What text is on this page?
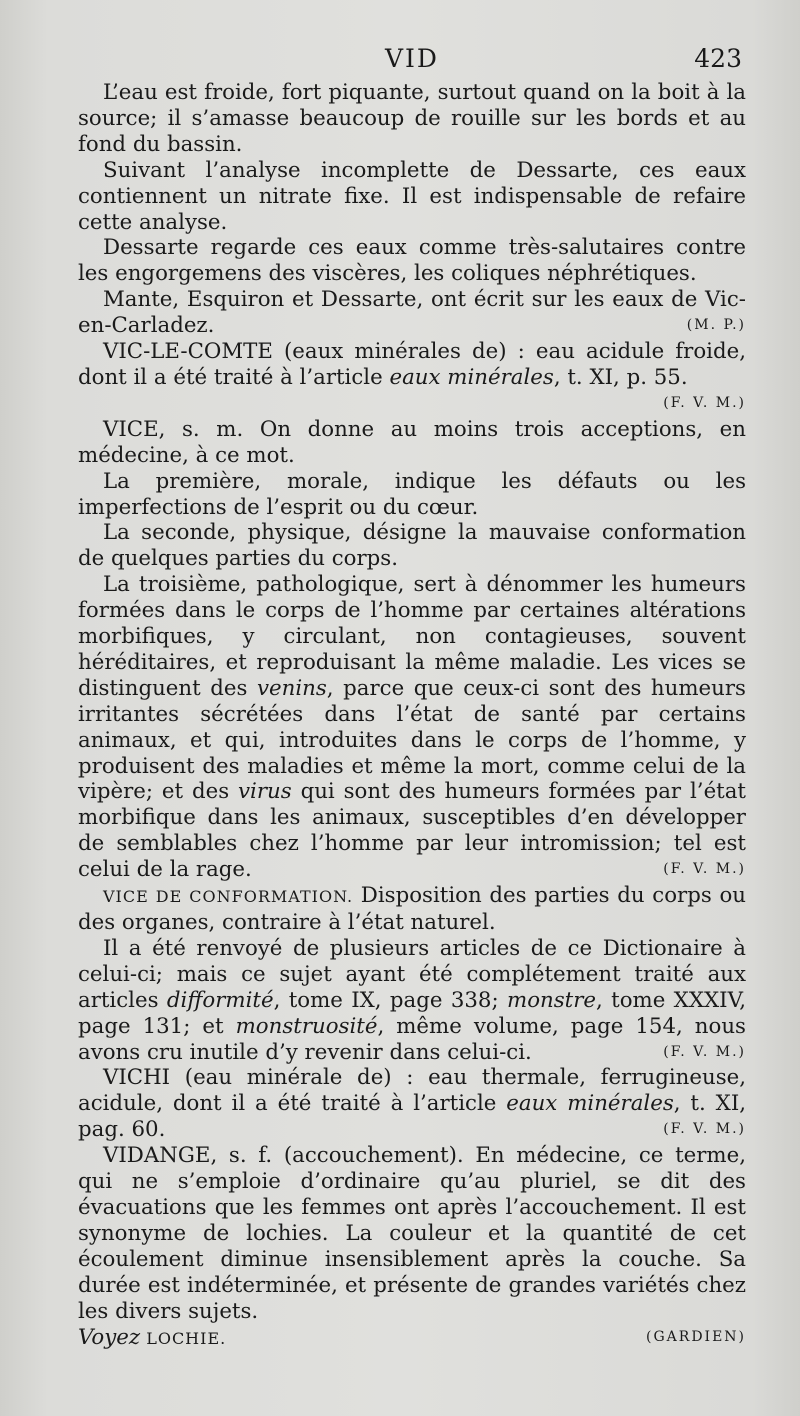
VID	423

L’eau est froide, fort piquante, surtout quand on la boit à la source; il s’amasse beaucoup de rouille sur les bords et au fond du bassin.

Suivant l’analyse incomplette de Dessarte, ces eaux contiennent un nitrate fixe. Il est indispensable de refaire cette analyse.

Dessarte regarde ces eaux comme très-salutaires contre les engorgemens des viscères, les coliques néphrétiques.

Mante, Esquiron et Dessarte, ont écrit sur les eaux de Vic-en-Carladez.	(M. P.)

VIC-LE-COMTE (eaux minérales de) : eau acidule froide, dont il a été traité à l’article eaux minérales, t. XI, p. 55.

(F. V. M.)

VICE, s. m. On donne au moins trois acceptions, en médecine, à ce mot.

La première, morale, indique les défauts ou les imperfections de l’esprit ou du cœur.

La seconde, physique, désigne la mauvaise conformation de quelques parties du corps.

La troisième, pathologique, sert à dénommer les humeurs formées dans le corps de l’homme par certaines altérations morbifiques, y circulant, non contagieuses, souvent héréditaires, et reproduisant la même maladie. Les vices se distinguent des venins, parce que ceux-ci sont des humeurs irritantes sécrétées dans l’état de santé par certains animaux, et qui, introduites dans le corps de l’homme, y produisent des maladies et même la mort, comme celui de la vipère; et des virus qui sont des humeurs formées par l’état morbifique dans les animaux, susceptibles d’en développer de semblables chez l’homme par leur intromission; tel est celui de la rage.	(F. V. M.)

VICE DE CONFORMATION. Disposition des parties du corps ou des organes, contraire à l’état naturel.

Il a été renvoyé de plusieurs articles de ce Dictionaire à celui-ci; mais ce sujet ayant été complétement traité aux articles difformité, tome IX, page 338; monstre, tome XXXIV, page 131; et monstruosité, même volume, page 154, nous avons cru inutile d’y revenir dans celui-ci.	(F. V. M.)

VICHI (eau minérale de) : eau thermale, ferrugineuse, acidule, dont il a été traité à l’article eaux minérales, t. XI, pag. 60.	(F. V. M.)

VIDANGE, s. f. (accouchement). En médecine, ce terme, qui ne s’emploie d’ordinaire qu’au pluriel, se dit des évacuations que les femmes ont après l’accouchement. Il est synonyme de lochies. La couleur et la quantité de cet écoulement diminue insensiblement après la couche. Sa durée est indéterminée, et présente de grandes variétés chez les divers sujets.

Voyez LOCHIE.	(GARDIEN)
